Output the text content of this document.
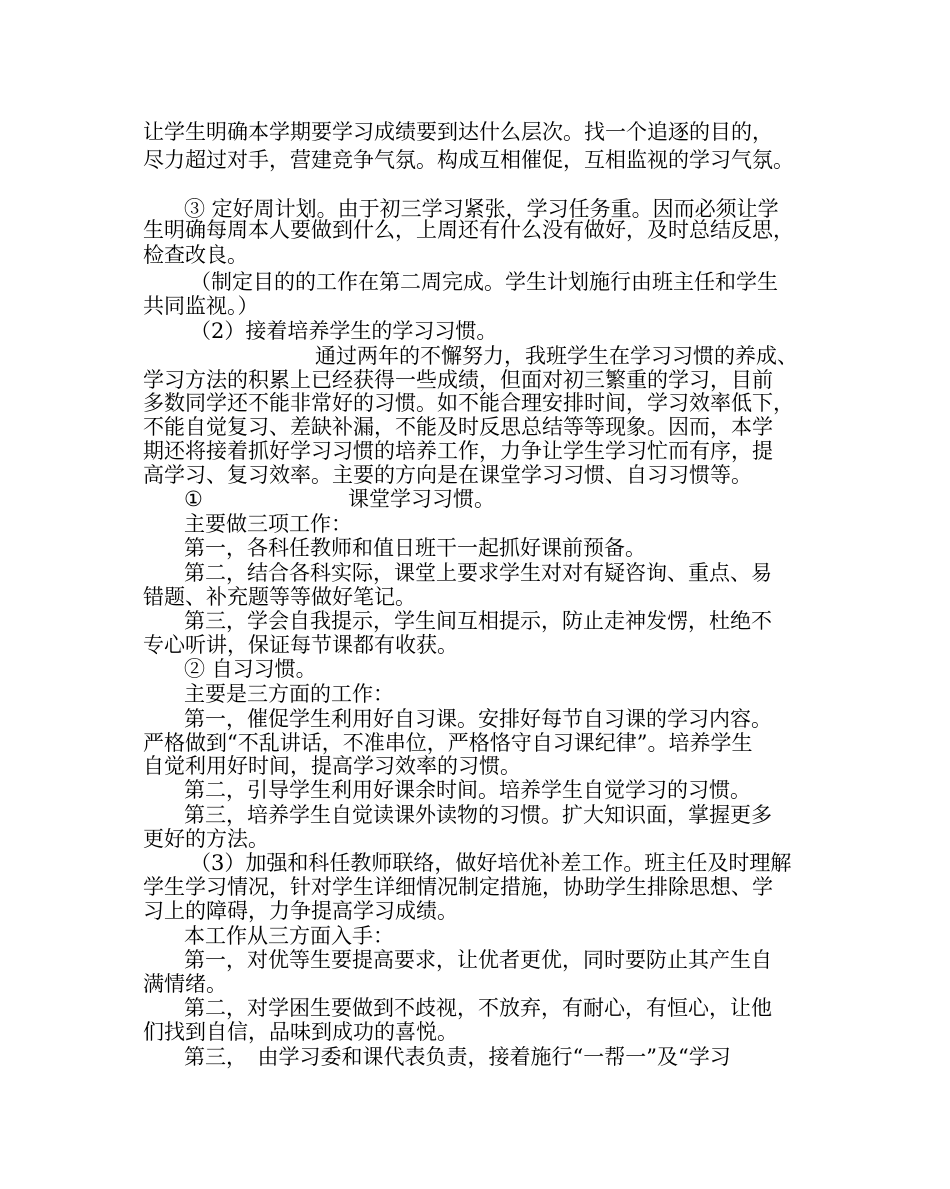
让学生明确本学期要学习成绩要到达什么层次。找一个追逐的目的，

尽力超过对手，营建竞争气氛。构成互相催促，互相监视的学习气氛。

③ 定好周计划。由于初三学习紧张，学习任务重。因而必须让学

生明确每周本人要做到什么，上周还有什么没有做好，及时总结反思，

检查改良。

（制定目的的工作在第二周完成。学生计划施行由班主任和学生

共同监视。）

（2）接着培养学生的学习习惯。

通过两年的不懈努力，我班学生在学习习惯的养成、

学习方法的积累上已经获得一些成绩，但面对初三繁重的学习，目前

多数同学还不能非常好的习惯。如不能合理安排时间，学习效率低下，

不能自觉复习、差缺补漏，不能及时反思总结等等现象。因而，本学

期还将接着抓好学习习惯的培养工作，力争让学生学习忙而有序，提

高学习、复习效率。主要的方向是在课堂学习习惯、自习习惯等。

①	课堂学习习惯。

主要做三项工作：

第一，各科任教师和值日班干一起抓好课前预备。

第二，结合各科实际，课堂上要求学生对对有疑咨询、重点、易

错题、补充题等等做好笔记。

第三，学会自我提示，学生间互相提示，防止走神发愣，杜绝不

专心听讲，保证每节课都有收获。

② 自习习惯。

主要是三方面的工作：

第一，催促学生利用好自习课。安排好每节自习课的学习内容。

严格做到“不乱讲话，不准串位，严格恪守自习课纪律”。培养学生

自觉利用好时间，提高学习效率的习惯。

第二，引导学生利用好课余时间。培养学生自觉学习的习惯。

第三，培养学生自觉读课外读物的习惯。扩大知识面，掌握更多

更好的方法。

（3）加强和科任教师联络，做好培优补差工作。班主任及时理解

学生学习情况，针对学生详细情况制定措施，协助学生排除思想、学

习上的障碍，力争提高学习成绩。

本工作从三方面入手：

第一，对优等生要提高要求，让优者更优，同时要防止其产生自

满情绪。

第二，对学困生要做到不歧视，不放弃，有耐心，有恒心，让他

们找到自信，品味到成功的喜悦。

第三，　由学习委和课代表负责，接着施行“一帮一”及“学习
